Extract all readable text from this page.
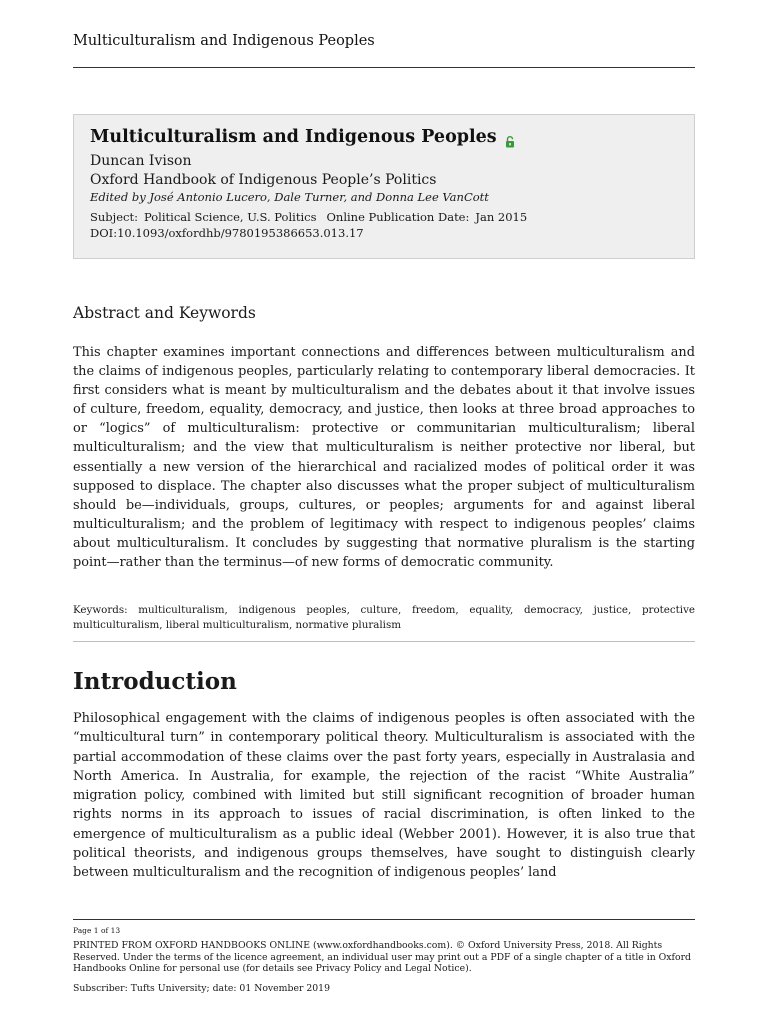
Multiculturalism and Indigenous Peoples
Multiculturalism and Indigenous Peoples
Duncan Ivison
Oxford Handbook of Indigenous People’s Politics
Edited by José Antonio Lucero, Dale Turner, and Donna Lee VanCott
Subject: Political Science, U.S. Politics Online Publication Date: Jan 2015
DOI:10.1093/oxfordhb/9780195386653.013.17
Abstract and Keywords

This chapter examines important connections and differences between multiculturalism and the claims of indigenous peoples, particularly relating to contemporary liberal democracies. It first considers what is meant by multiculturalism and the debates about it that involve issues of culture, freedom, equality, democracy, and justice, then looks at three broad approaches to or “logics” of multiculturalism: protective or communitarian multiculturalism; liberal multiculturalism; and the view that multiculturalism is neither protective nor liberal, but essentially a new version of the hierarchical and racialized modes of political order it was supposed to displace. The chapter also discusses what the proper subject of multiculturalism should be—individuals, groups, cultures, or peoples; arguments for and against liberal multiculturalism; and the problem of legitimacy with respect to indigenous peoples’ claims about multiculturalism. It concludes by suggesting that normative pluralism is the starting point—rather than the terminus—of new forms of democratic community.

Keywords: multiculturalism, indigenous peoples, culture, freedom, equality, democracy, justice, protective multiculturalism, liberal multiculturalism, normative pluralism

Introduction

Philosophical engagement with the claims of indigenous peoples is often associated with the “multicultural turn” in contemporary political theory. Multiculturalism is associated with the partial accommodation of these claims over the past forty years, especially in Australasia and North America. In Australia, for example, the rejection of the racist “White Australia” migration policy, combined with limited but still significant recognition of broader human rights norms in its approach to issues of racial discrimination, is often linked to the emergence of multiculturalism as a public ideal (Webber 2001). However, it is also true that political theorists, and indigenous groups themselves, have sought to distinguish clearly between multiculturalism and the recognition of indigenous peoples’ land

Page 1 of 13

PRINTED FROM OXFORD HANDBOOKS ONLINE (www.oxfordhandbooks.com). © Oxford University Press, 2018. All Rights Reserved. Under the terms of the licence agreement, an individual user may print out a PDF of a single chapter of a title in Oxford Handbooks Online for personal use (for details see Privacy Policy and Legal Notice).

Subscriber: Tufts University; date: 01 November 2019
